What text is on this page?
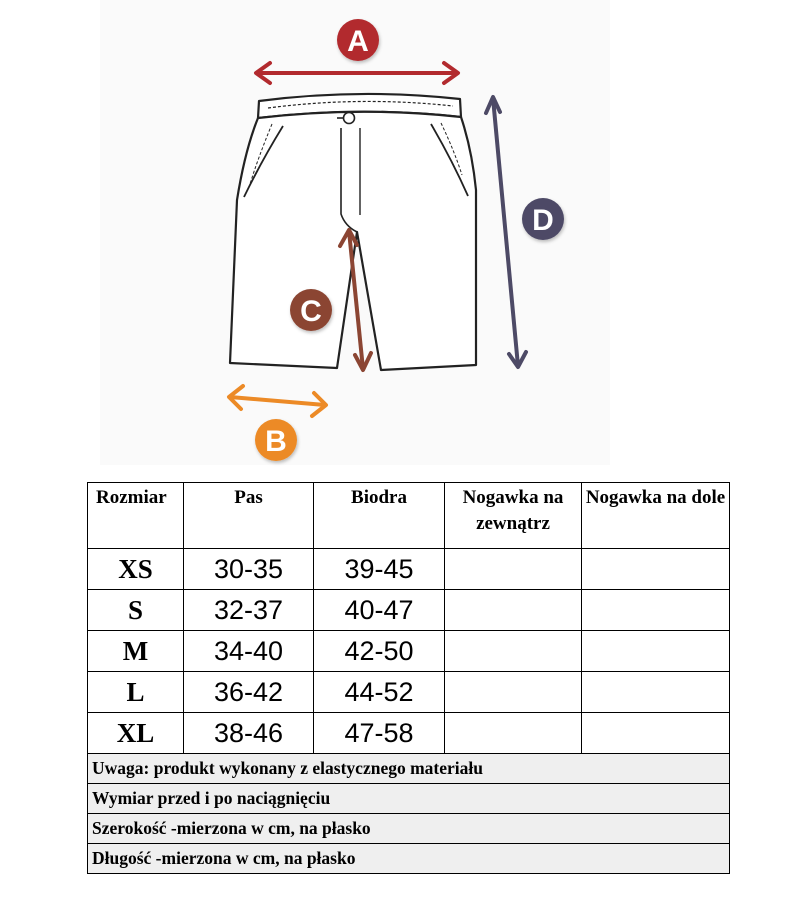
A
B
C
D
Rozmiar	Pas	Biodra	Nogawka na zewnątrz	Nogawka na dole
XS	30-35	39-45		
S	32-37	40-47		
M	34-40	42-50		
L	36-42	44-52		
XL	38-46	47-58		
Uwaga: produkt wykonany z elastycznego materiału				
Wymiar przed i po naciągnięciu				
Szerokość -mierzona w cm, na płasko				
Długość -mierzona w cm, na płasko				
